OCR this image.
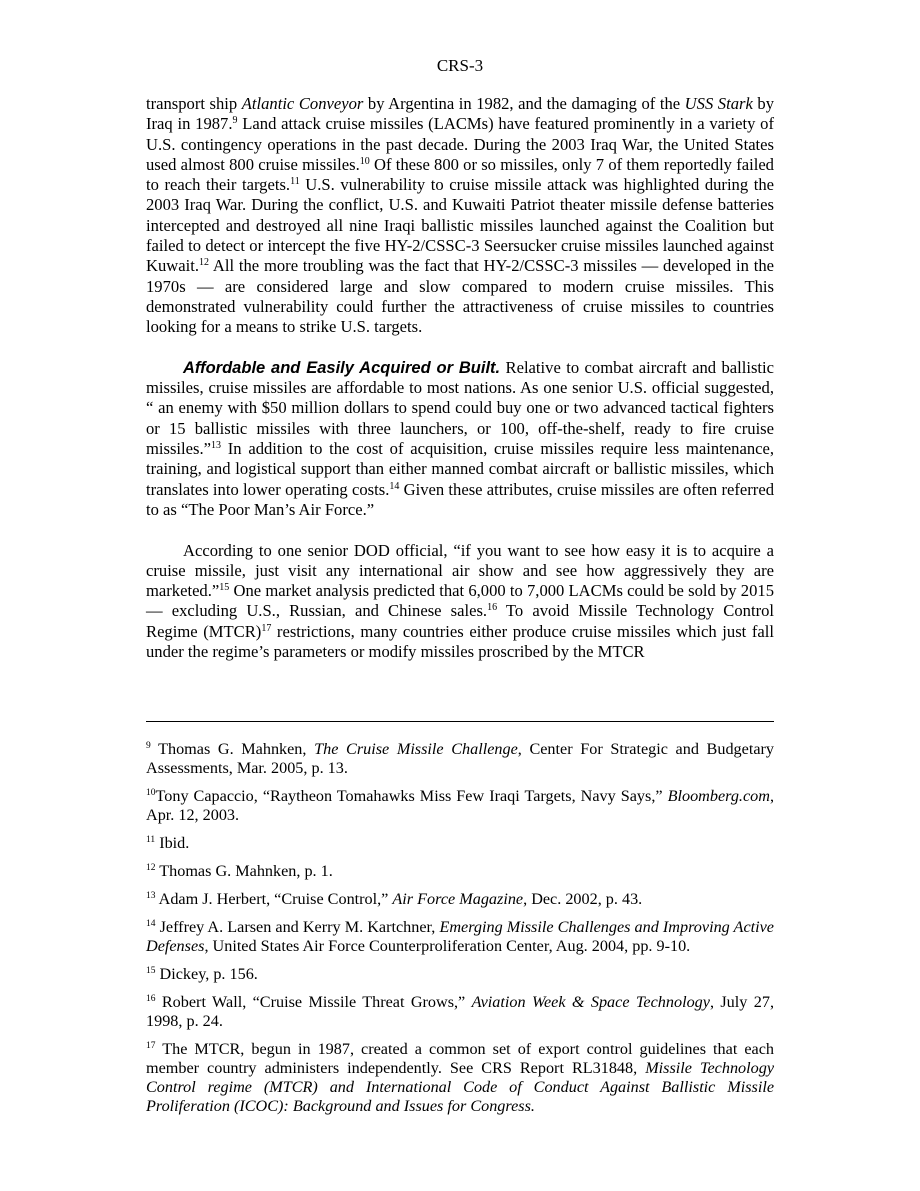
CRS-3

transport ship Atlantic Conveyor by Argentina in 1982, and the damaging of the USS Stark by Iraq in 1987.$^9$ Land attack cruise missiles (LACMs) have featured prominently in a variety of U.S. contingency operations in the past decade. During the 2003 Iraq War, the United States used almost 800 cruise missiles.$^{10}$ Of these 800 or so missiles, only 7 of them reportedly failed to reach their targets.$^{11}$ U.S. vulnerability to cruise missile attack was highlighted during the 2003 Iraq War. During the conflict, U.S. and Kuwaiti Patriot theater missile defense batteries intercepted and destroyed all nine Iraqi ballistic missiles launched against the Coalition but failed to detect or intercept the five HY-2/CSSC-3 Seersucker cruise missiles launched against Kuwait.$^{12}$ All the more troubling was the fact that HY-2/CSSC-3 missiles — developed in the 1970s — are considered large and slow compared to modern cruise missiles. This demonstrated vulnerability could further the attractiveness of cruise missiles to countries looking for a means to strike U.S. targets.

Affordable and Easily Acquired or Built. Relative to combat aircraft and ballistic missiles, cruise missiles are affordable to most nations. As one senior U.S. official suggested, “ an enemy with $50 million dollars to spend could buy one or two advanced tactical fighters or 15 ballistic missiles with three launchers, or 100, off-the-shelf, ready to fire cruise missiles.”$^{13}$ In addition to the cost of acquisition, cruise missiles require less maintenance, training, and logistical support than either manned combat aircraft or ballistic missiles, which translates into lower operating costs.$^{14}$ Given these attributes, cruise missiles are often referred to as “The Poor Man’s Air Force.”

According to one senior DOD official, “if you want to see how easy it is to acquire a cruise missile, just visit any international air show and see how aggressively they are marketed.”$^{15}$ One market analysis predicted that 6,000 to 7,000 LACMs could be sold by 2015 — excluding U.S., Russian, and Chinese sales.$^{16}$ To avoid Missile Technology Control Regime (MTCR)$^{17}$ restrictions, many countries either produce cruise missiles which just fall under the regime’s parameters or modify missiles proscribed by the MTCR

$^9$ Thomas G. Mahnken, The Cruise Missile Challenge, Center For Strategic and Budgetary Assessments, Mar. 2005, p. 13.

$^{10}$Tony Capaccio, “Raytheon Tomahawks Miss Few Iraqi Targets, Navy Says,” Bloomberg.com, Apr. 12, 2003.

$^{11}$ Ibid.

$^{12}$ Thomas G. Mahnken, p. 1.

$^{13}$ Adam J. Herbert, “Cruise Control,” Air Force Magazine, Dec. 2002, p. 43.

$^{14}$ Jeffrey A. Larsen and Kerry M. Kartchner, Emerging Missile Challenges and Improving Active Defenses, United States Air Force Counterproliferation Center, Aug. 2004, pp. 9-10.

$^{15}$ Dickey, p. 156.

$^{16}$ Robert Wall, “Cruise Missile Threat Grows,” Aviation Week & Space Technology, July 27, 1998, p. 24.

$^{17}$ The MTCR, begun in 1987, created a common set of export control guidelines that each member country administers independently. See CRS Report RL31848, Missile Technology Control regime (MTCR) and International Code of Conduct Against Ballistic Missile Proliferation (ICOC): Background and Issues for Congress.
